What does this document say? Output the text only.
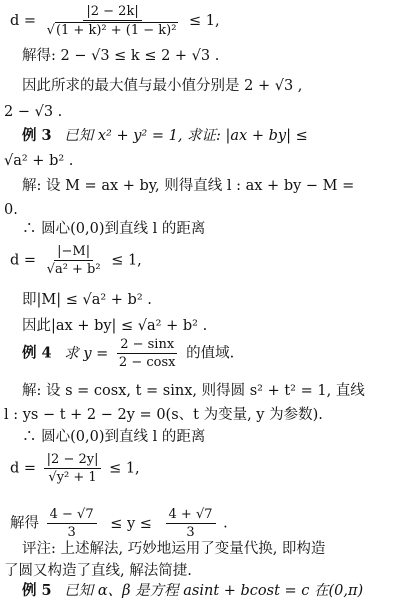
$d = \frac{|2 - 2k|}{\text{√(1 + k)² + (1 − k)²}} \le 1$,
解得: 2 − √3 ≤ k ≤ 2 + √3 .
因此所求的最大值与最小值分别是 2 + √3 ,
2 − √3 .
例 3 已知 x² + y² = 1, 求证: |ax + by| ≤
√a² + b² .
解: 设 M = ax + by, 则得直线 l : ax + by − M =
0.
∴ 圆心(0,0)到直线 l 的距离
$d = \frac{|-M|}{\text{√a² + b²}} \le 1$,
即|M| ≤ √a² + b² .
因此|ax + by| ≤ √a² + b² .
例 4 求 $y = \frac{2 - \sin x}{2 - \cos x}$ 的值域.
解: 设 s = cosx, t = sinx, 则得圆 s² + t² = 1, 直线
l : ys − t + 2 − 2y = 0(s、t 为变量, y 为参数).
∴ 圆心(0,0)到直线 l 的距离
$d = \frac{|2 - 2y|}{\text{√y² + 1}} \le 1$,
解得 $\frac{4 - √7}{3} \le y \le \frac{4 + √7}{3}$ .
评注: 上述解法, 巧妙地运用了变量代换, 即构造
了圆又构造了直线, 解法简捷.
例 5 已知 α、β 是方程 asint + bcost = c 在(0,π)
